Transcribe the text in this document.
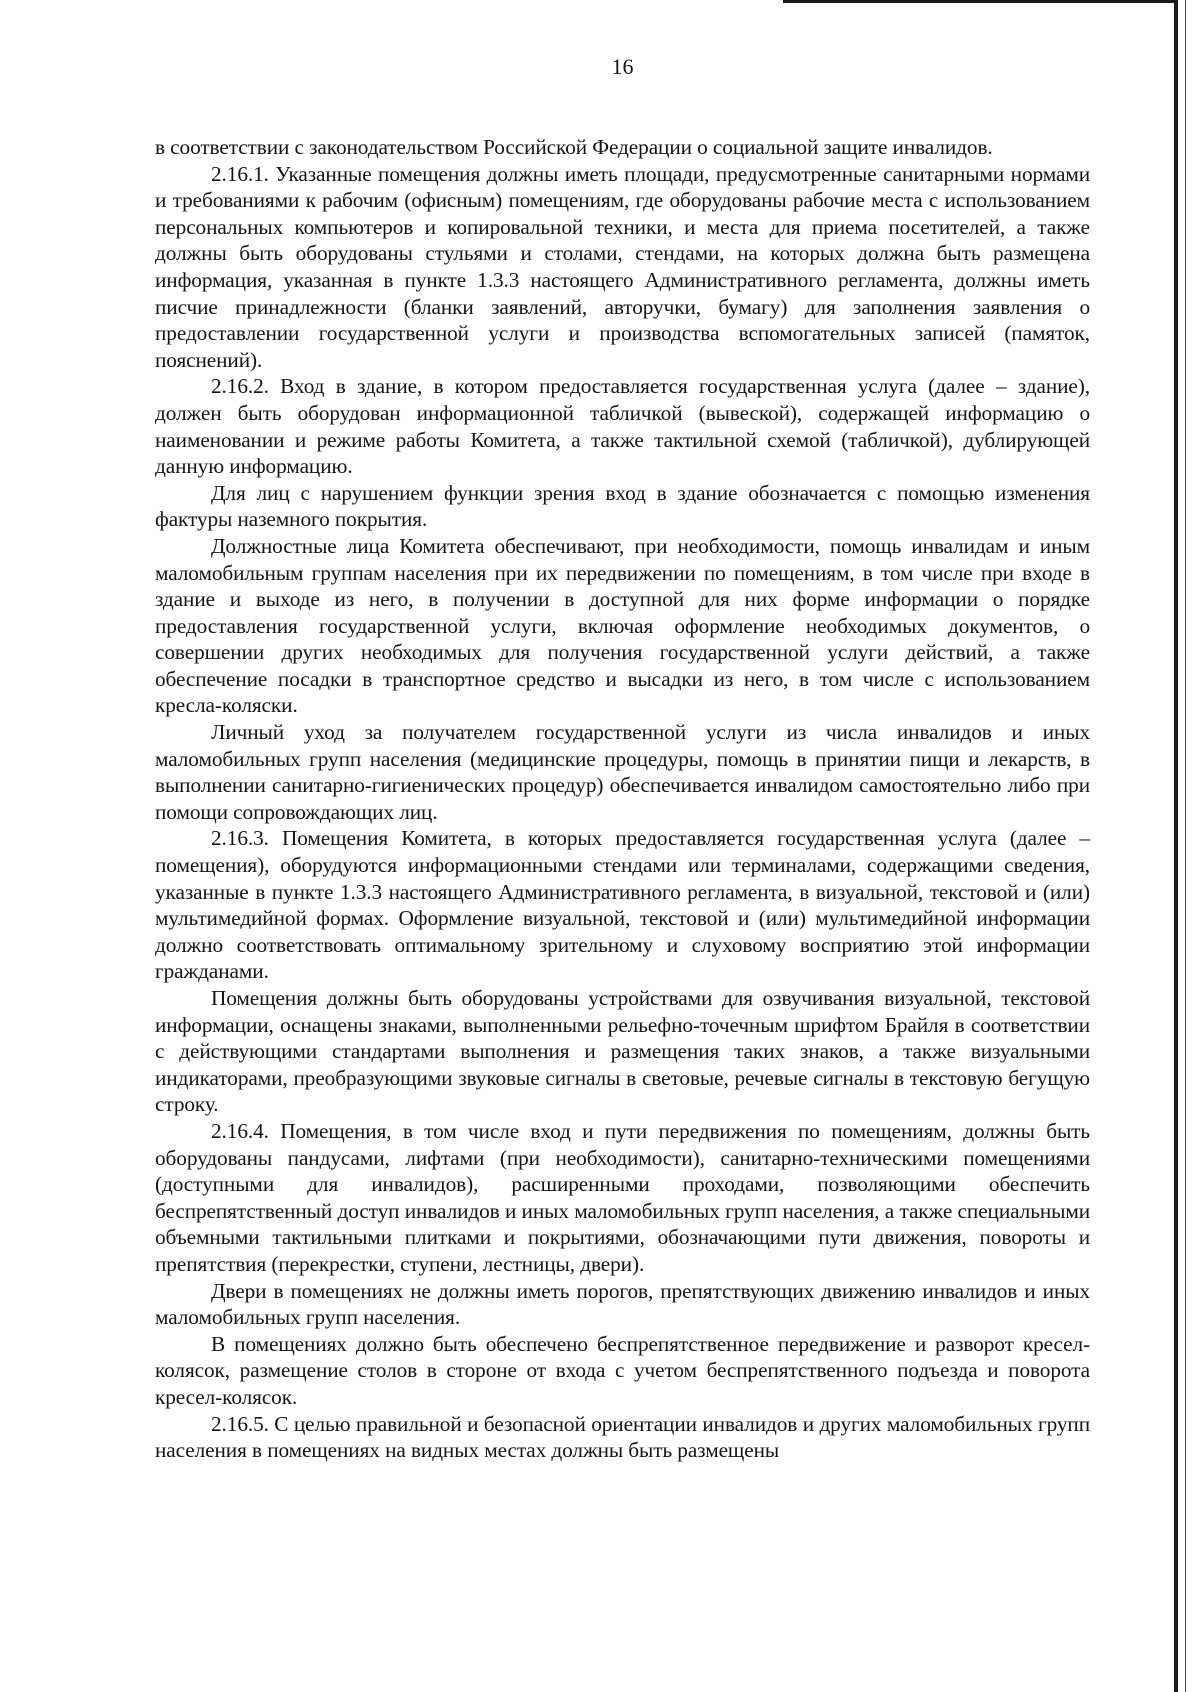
16

в соответствии с законодательством Российской Федерации о социальной защите инвалидов.

2.16.1. Указанные помещения должны иметь площади, предусмотренные санитарными нормами и требованиями к рабочим (офисным) помещениям, где оборудованы рабочие места с использованием персональных компьютеров и копировальной техники, и места для приема посетителей, а также должны быть оборудованы стульями и столами, стендами, на которых должна быть размещена информация, указанная в пункте 1.3.3 настоящего Административного регламента, должны иметь писчие принадлежности (бланки заявлений, авторучки, бумагу) для заполнения заявления о предоставлении государственной услуги и производства вспомогательных записей (памяток, пояснений).

2.16.2. Вход в здание, в котором предоставляется государственная услуга (далее – здание), должен быть оборудован информационной табличкой (вывеской), содержащей информацию о наименовании и режиме работы Комитета, а также тактильной схемой (табличкой), дублирующей данную информацию.

Для лиц с нарушением функции зрения вход в здание обозначается с помощью изменения фактуры наземного покрытия.

Должностные лица Комитета обеспечивают, при необходимости, помощь инвалидам и иным маломобильным группам населения при их передвижении по помещениям, в том числе при входе в здание и выходе из него, в получении в доступной для них форме информации о порядке предоставления государственной услуги, включая оформление необходимых документов, о совершении других необходимых для получения государственной услуги действий, а также обеспечение посадки в транспортное средство и высадки из него, в том числе с использованием кресла-коляски.

Личный уход за получателем государственной услуги из числа инвалидов и иных маломобильных групп населения (медицинские процедуры, помощь в принятии пищи и лекарств, в выполнении санитарно-гигиенических процедур) обеспечивается инвалидом самостоятельно либо при помощи сопровождающих лиц.

2.16.3. Помещения Комитета, в которых предоставляется государственная услуга (далее – помещения), оборудуются информационными стендами или терминалами, содержащими сведения, указанные в пункте 1.3.3 настоящего Административного регламента, в визуальной, текстовой и (или) мультимедийной формах. Оформление визуальной, текстовой и (или) мультимедийной информации должно соответствовать оптимальному зрительному и слуховому восприятию этой информации гражданами.

Помещения должны быть оборудованы устройствами для озвучивания визуальной, текстовой информации, оснащены знаками, выполненными рельефно-точечным шрифтом Брайля в соответствии с действующими стандартами выполнения и размещения таких знаков, а также визуальными индикаторами, преобразующими звуковые сигналы в световые, речевые сигналы в текстовую бегущую строку.

2.16.4. Помещения, в том числе вход и пути передвижения по помещениям, должны быть оборудованы пандусами, лифтами (при необходимости), санитарно-техническими помещениями (доступными для инвалидов), расширенными проходами, позволяющими обеспечить беспрепятственный доступ инвалидов и иных маломобильных групп населения, а также специальными объемными тактильными плитками и покрытиями, обозначающими пути движения, повороты и препятствия (перекрестки, ступени, лестницы, двери).

Двери в помещениях не должны иметь порогов, препятствующих движению инвалидов и иных маломобильных групп населения.

В помещениях должно быть обеспечено беспрепятственное передвижение и разворот кресел-колясок, размещение столов в стороне от входа с учетом беспрепятственного подъезда и поворота кресел-колясок.

2.16.5. С целью правильной и безопасной ориентации инвалидов и других маломобильных групп населения в помещениях на видных местах должны быть размещены
